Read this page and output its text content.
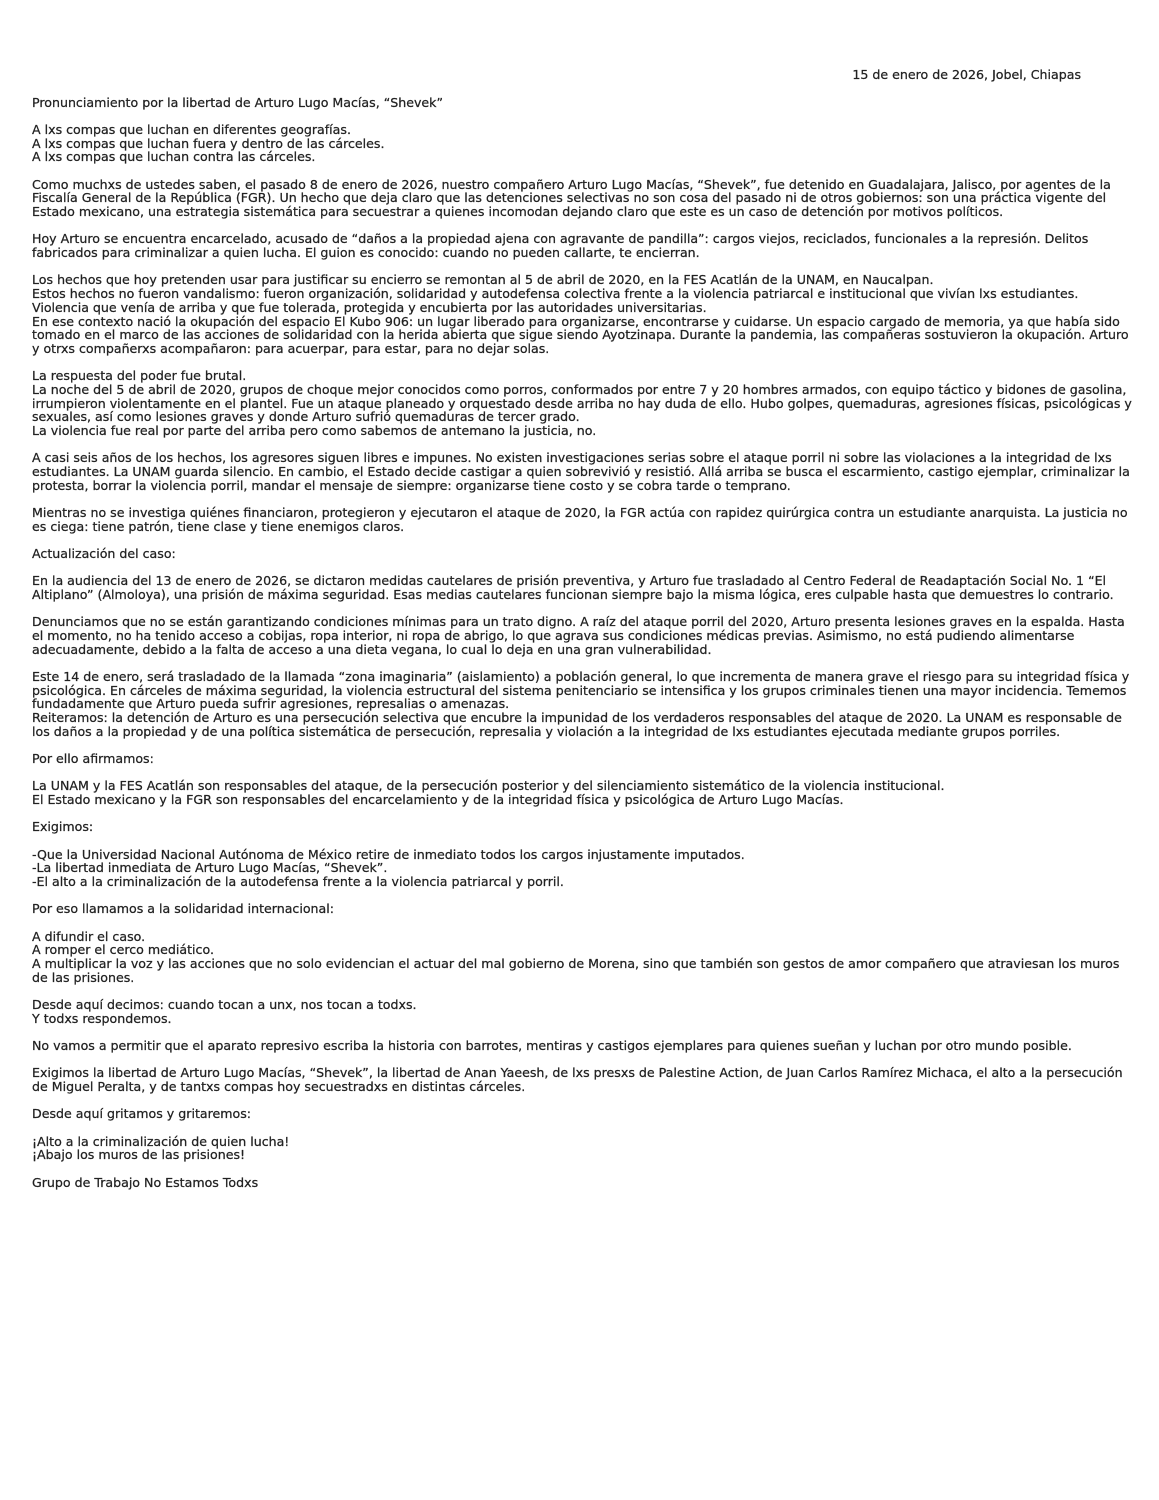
15 de enero de 2026, Jobel, Chiapas

Pronunciamiento por la libertad de Arturo Lugo Macías, “Shevek”

A lxs compas que luchan en diferentes geografías.
A lxs compas que luchan fuera y dentro de las cárceles.
A lxs compas que luchan contra las cárceles.

Como muchxs de ustedes saben, el pasado 8 de enero de 2026, nuestro compañero Arturo Lugo Macías, “Shevek”, fue detenido en Guadalajara, Jalisco, por agentes de la Fiscalía General de la República (FGR). Un hecho que deja claro que las detenciones selectivas no son cosa del pasado ni de otros gobiernos: son una práctica vigente del Estado mexicano, una estrategia sistemática para secuestrar a quienes incomodan dejando claro que este es un caso de detención por motivos políticos.

Hoy Arturo se encuentra encarcelado, acusado de “daños a la propiedad ajena con agravante de pandilla”: cargos viejos, reciclados, funcionales a la represión. Delitos fabricados para criminalizar a quien lucha. El guion es conocido: cuando no pueden callarte, te encierran.

Los hechos que hoy pretenden usar para justificar su encierro se remontan al 5 de abril de 2020, en la FES Acatlán de la UNAM, en Naucalpan.
Estos hechos no fueron vandalismo: fueron organización, solidaridad y autodefensa colectiva frente a la violencia patriarcal e institucional que vivían lxs estudiantes. Violencia que venía de arriba y que fue tolerada, protegida y encubierta por las autoridades universitarias.
En ese contexto nació la okupación del espacio El Kubo 906: un lugar liberado para organizarse, encontrarse y cuidarse. Un espacio cargado de memoria, ya que había sido tomado en el marco de las acciones de solidaridad con la herida abierta que sigue siendo Ayotzinapa. Durante la pandemia, las compañeras sostuvieron la okupación. Arturo y otrxs compañerxs acompañaron: para acuerpar, para estar, para no dejar solas.

La respuesta del poder fue brutal.
La noche del 5 de abril de 2020, grupos de choque mejor conocidos como porros, conformados por entre 7 y 20 hombres armados, con equipo táctico y bidones de gasolina, irrumpieron violentamente en el plantel. Fue un ataque planeado y orquestado desde arriba no hay duda de ello. Hubo golpes, quemaduras, agresiones físicas, psicológicas y sexuales, así como lesiones graves y donde Arturo sufrió quemaduras de tercer grado.
La violencia fue real por parte del arriba pero como sabemos de antemano la justicia, no.

A casi seis años de los hechos, los agresores siguen libres e impunes. No existen investigaciones serias sobre el ataque porril ni sobre las violaciones a la integridad de lxs estudiantes. La UNAM guarda silencio. En cambio, el Estado decide castigar a quien sobrevivió y resistió. Allá arriba se busca el escarmiento, castigo ejemplar, criminalizar la protesta, borrar la violencia porril, mandar el mensaje de siempre: organizarse tiene costo y se cobra tarde o temprano.

Mientras no se investiga quiénes financiaron, protegieron y ejecutaron el ataque de 2020, la FGR actúa con rapidez quirúrgica contra un estudiante anarquista. La justicia no es ciega: tiene patrón, tiene clase y tiene enemigos claros.

Actualización del caso:

En la audiencia del 13 de enero de 2026, se dictaron medidas cautelares de prisión preventiva, y Arturo fue trasladado al Centro Federal de Readaptación Social No. 1 “El Altiplano” (Almoloya), una prisión de máxima seguridad. Esas medias cautelares funcionan siempre bajo la misma lógica, eres culpable hasta que demuestres lo contrario.

Denunciamos que no se están garantizando condiciones mínimas para un trato digno. A raíz del ataque porril del 2020, Arturo presenta lesiones graves en la espalda. Hasta el momento, no ha tenido acceso a cobijas, ropa interior, ni ropa de abrigo, lo que agrava sus condiciones médicas previas. Asimismo, no está pudiendo alimentarse adecuadamente, debido a la falta de acceso a una dieta vegana, lo cual lo deja en una gran vulnerabilidad.

Este 14 de enero, será trasladado de la llamada “zona imaginaria” (aislamiento) a población general, lo que incrementa de manera grave el riesgo para su integridad física y psicológica. En cárceles de máxima seguridad, la violencia estructural del sistema penitenciario se intensifica y los grupos criminales tienen una mayor incidencia. Tememos fundadamente que Arturo pueda sufrir agresiones, represalias o amenazas.
Reiteramos: la detención de Arturo es una persecución selectiva que encubre la impunidad de los verdaderos responsables del ataque de 2020. La UNAM es responsable de los daños a la propiedad y de una política sistemática de persecución, represalia y violación a la integridad de lxs estudiantes ejecutada mediante grupos porriles.

Por ello afirmamos:

La UNAM y la FES Acatlán son responsables del ataque, de la persecución posterior y del silenciamiento sistemático de la violencia institucional.
El Estado mexicano y la FGR son responsables del encarcelamiento y de la integridad física y psicológica de Arturo Lugo Macías.

Exigimos:

-Que la Universidad Nacional Autónoma de México retire de inmediato todos los cargos injustamente imputados.
-La libertad inmediata de Arturo Lugo Macías, “Shevek”.
-El alto a la criminalización de la autodefensa frente a la violencia patriarcal y porril.

Por eso llamamos a la solidaridad internacional:

A difundir el caso.
A romper el cerco mediático.
A multiplicar la voz y las acciones que no solo evidencian el actuar del mal gobierno de Morena, sino que también son gestos de amor compañero que atraviesan los muros de las prisiones.

Desde aquí decimos: cuando tocan a unx, nos tocan a todxs.
Y todxs respondemos.

No vamos a permitir que el aparato represivo escriba la historia con barrotes, mentiras y castigos ejemplares para quienes sueñan y luchan por otro mundo posible.

Exigimos la libertad de Arturo Lugo Macías, “Shevek”, la libertad de Anan Yaeesh, de lxs presxs de Palestine Action, de Juan Carlos Ramírez Michaca, el alto a la persecución de Miguel Peralta, y de tantxs compas hoy secuestradxs en distintas cárceles.

Desde aquí gritamos y gritaremos:

¡Alto a la criminalización de quien lucha!
¡Abajo los muros de las prisiones!

Grupo de Trabajo No Estamos Todxs
